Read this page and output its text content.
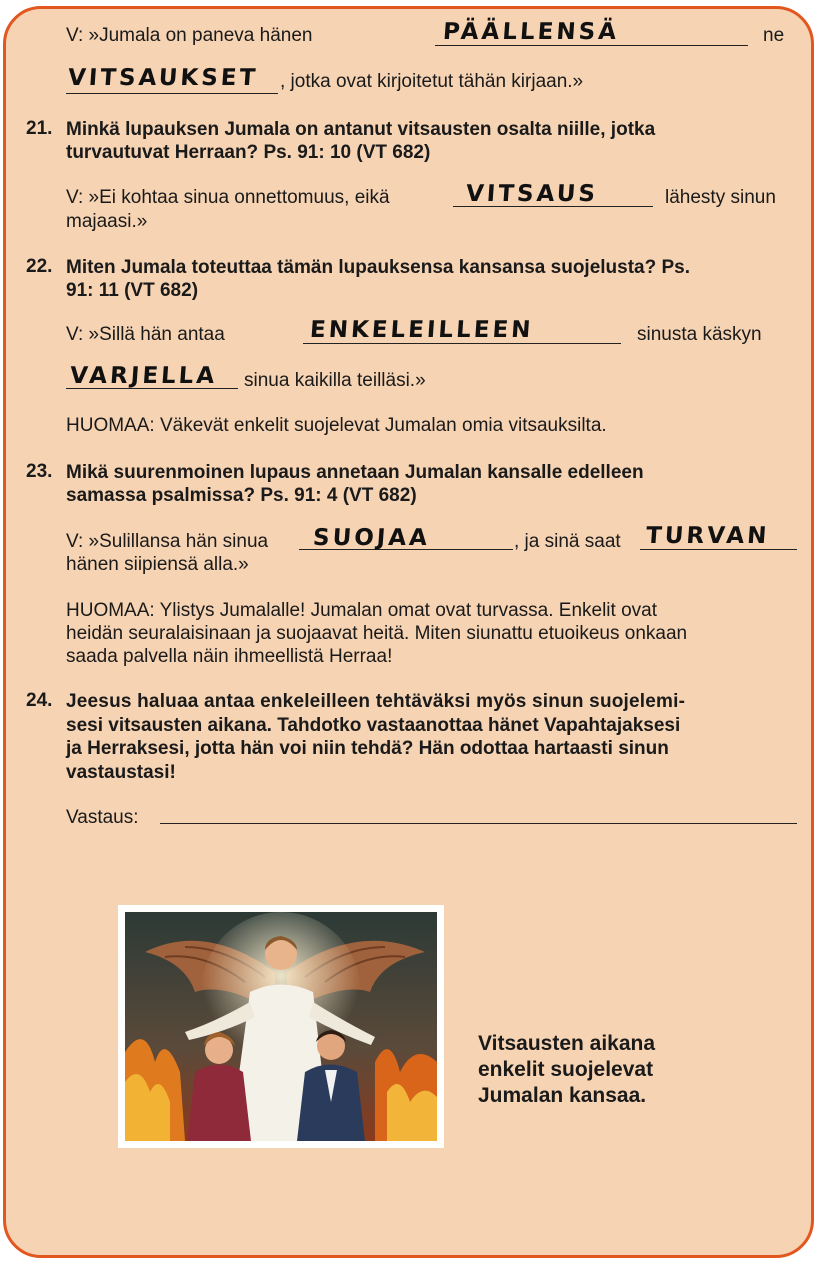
V: »Jumala on paneva hänen	PÄÄLLENSÄ	ne
VITSAUKSET , jotka ovat kirjoitetut tähän kirjaan.»
21. Minkä lupauksen Jumala on antanut vitsausten osalta niille, jotka
turvautuvat Herraan? Ps. 91: 10 (VT 682)
V: »Ei kohtaa sinua onnettomuus, eikä	VITSAUS	lähesty sinun
majaasi.»
22. Miten Jumala toteuttaa tämän lupauksensa kansansa suojelusta? Ps.
91: 11 (VT 682)
V: »Sillä hän antaa	ENKELEILLEEN	sinusta käskyn
VARJELLA sinua kaikilla teilläsi.»
HUOMAA: Väkevät enkelit suojelevat Jumalan omia vitsauksilta.
23. Mikä suurenmoinen lupaus annetaan Jumalan kansalle edelleen
samassa psalmissa? Ps. 91: 4 (VT 682)
V: »Sulillansa hän sinua SUOJAA	, ja sinä saat TURVAN
hänen siipiensä alla.»
HUOMAA: Ylistys Jumalalle! Jumalan omat ovat turvassa. Enkelit ovat
heidän seuralaisinaan ja suojaavat heitä. Miten siunattu etuoikeus onkaan
saada palvella näin ihmeellistä Herraa!
24. Jeesus haluaa antaa enkeleilleen tehtäväksi myös sinun suojelemi-
sesi vitsausten aikana. Tahdotko vastaanottaa hänet Vapahtajaksesi
ja Herraksesi, jotta hän voi niin tehdä? Hän odottaa hartaasti sinun
vastaustasi!
Vastaus:
Vitsausten aikana
enkelit suojelevat
Jumalan kansaa.
